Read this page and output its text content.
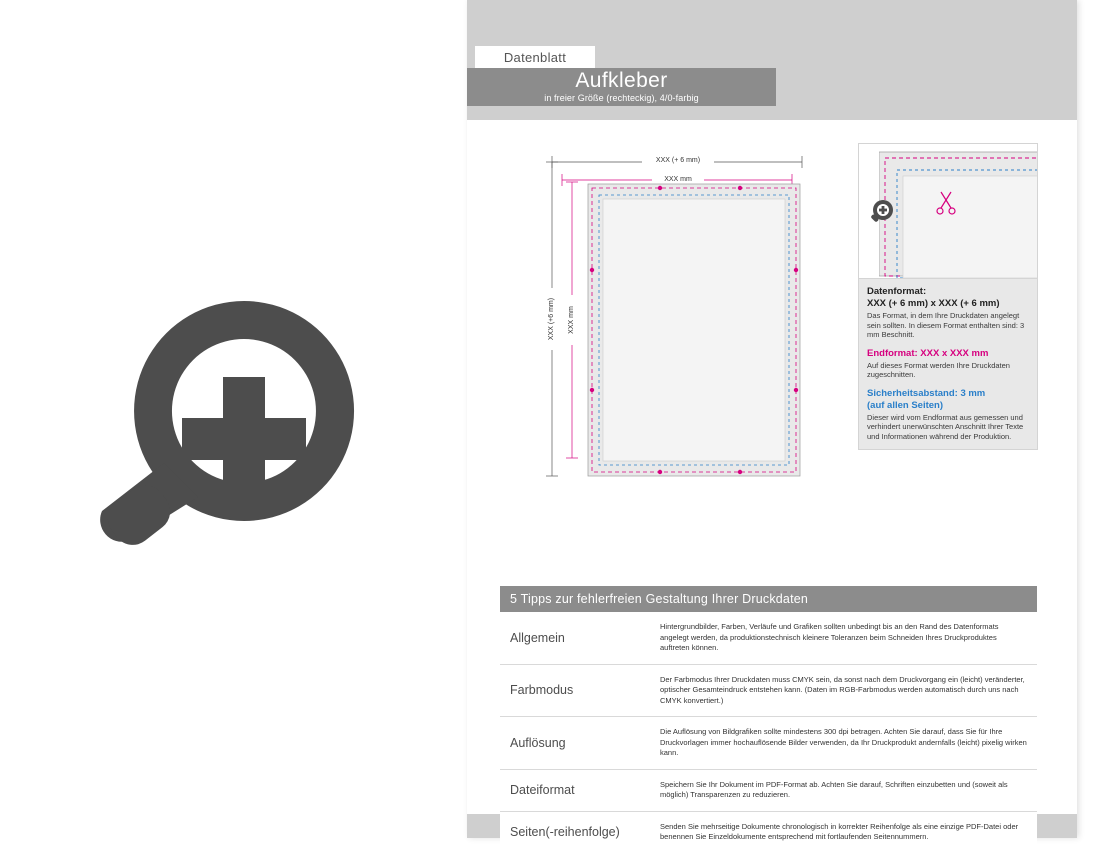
Datenblatt
Aufkleber
in freier Größe (rechteckig), 4/0-farbig
XXX (+ 6 mm)
XXX mm
XXX (+6 mm) XXX mm
Datenformat:
XXX (+ 6 mm) x XXX (+ 6 mm)

Das Format, in dem Ihre Druckdaten angelegt sein sollten. In diesem Format enthalten sind: 3 mm Beschnitt.

Endformat: XXX x XXX mm

Auf dieses Format werden Ihre Druckdaten zugeschnitten.

Sicherheitsabstand: 3 mm
(auf allen Seiten)

Dieser wird vom Endformat aus gemessen und verhindert unerwünschten Anschnitt Ihrer Texte und Informationen während der Produktion.

5 Tipps zur fehlerfreien Gestaltung Ihrer Druckdaten
Allgemein
Hintergrundbilder, Farben, Verläufe und Grafiken sollten unbedingt bis an den Rand des Datenformats angelegt werden, da produktionstechnisch kleinere Toleranzen beim Schneiden Ihres Druckproduktes auftreten können.
Farbmodus
Der Farbmodus Ihrer Druckdaten muss CMYK sein, da sonst nach dem Druckvorgang ein (leicht) veränderter, optischer Gesamteindruck entstehen kann. (Daten im RGB-Farbmodus werden automatisch durch uns nach CMYK konvertiert.)
Auflösung
Die Auflösung von Bildgrafiken sollte mindestens 300 dpi betragen. Achten Sie darauf, dass Sie für Ihre Druckvorlagen immer hochauflösende Bilder verwenden, da Ihr Druckprodukt andernfalls (leicht) pixelig wirken kann.
Dateiformat	Speichern Sie Ihr Dokument im PDF-Format ab. Achten Sie darauf, Schriften einzubetten und (soweit als möglich) Transparenzen zu reduzieren.
Seiten(-reihenfolge)	Senden Sie mehrseitige Dokumente chronologisch in korrekter Reihenfolge als eine einzige PDF-Datei oder benennen Sie Einzeldokumente entsprechend mit fortlaufenden Seitennummern.
